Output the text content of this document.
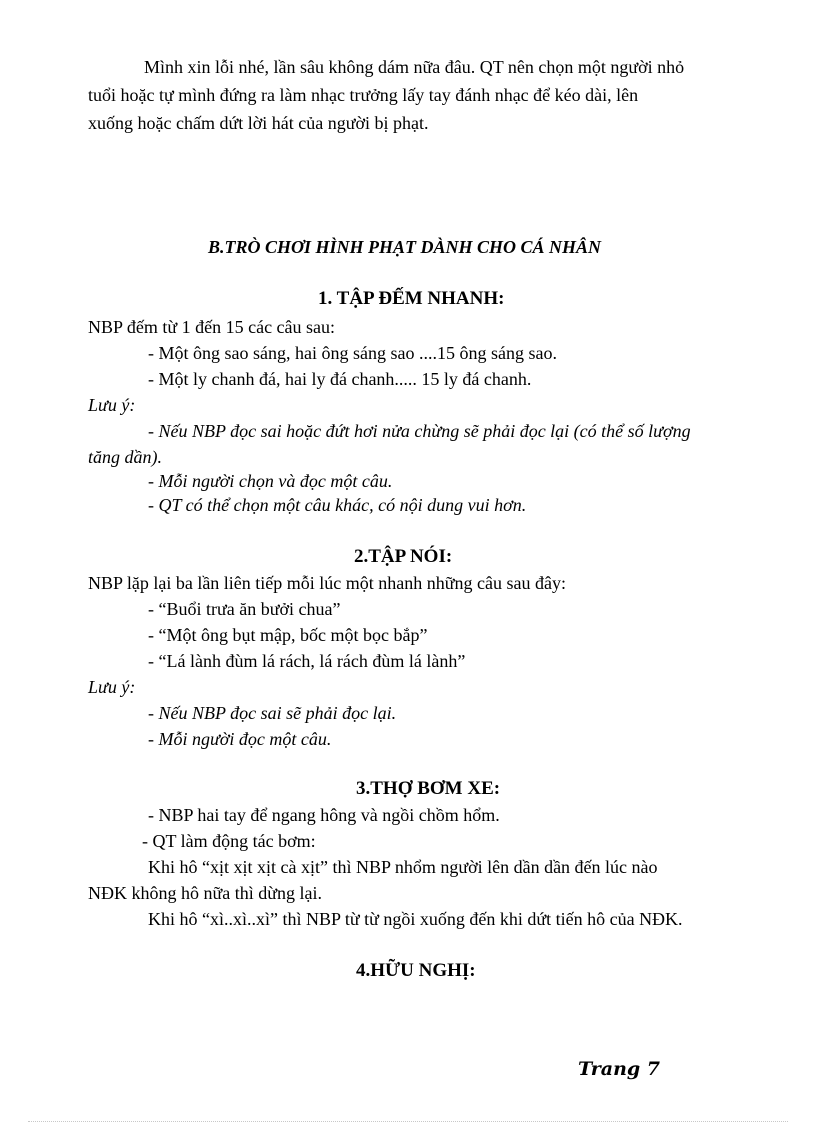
Mình xin lỗi nhé, lần sâu không dám nữa đâu. QT nên chọn một người nhỏ
tuổi hoặc tự mình đứng ra làm nhạc trưởng lấy tay đánh nhạc để kéo dài, lên
xuống hoặc chấm dứt lời hát của người bị phạt.
B.TRÒ CHƠI HÌNH PHẠT DÀNH CHO CÁ NHÂN
1. TẬP ĐẾM NHANH:
NBP đếm từ 1 đến 15 các câu sau:
- Một ông sao sáng, hai ông sáng sao ....15 ông sáng sao.
- Một ly chanh đá, hai ly đá chanh..... 15 ly đá chanh.
Lưu ý:
- Nếu NBP đọc sai hoặc đứt hơi nửa chừng sẽ phải đọc lại (có thể số lượng
tăng dần).
- Mỗi người chọn và đọc một câu.
- QT có thể chọn một câu khác, có nội dung vui hơn.
2.TẬP NÓI:
NBP lặp lại ba lần liên tiếp mỗi lúc một nhanh những câu sau đây:
- “Buổi trưa ăn bưởi chua”
- “Một ông bụt mập, bốc một bọc bắp”
- “Lá lành đùm lá rách, lá rách đùm lá lành”
Lưu ý:
- Nếu NBP đọc sai sẽ phải đọc lại.
- Mỗi người đọc một câu.
3.THỢ BƠM XE:
- NBP hai tay để ngang hông và ngồi chồm hổm.
- QT làm động tác bơm:
Khi hô “xịt xịt xịt cà xịt” thì NBP nhổm người lên dần dần đến lúc nào
NĐK không hô nữa thì dừng lại.
Khi hô “xì..xì..xì” thì NBP từ từ ngồi xuống đến khi dứt tiến hô của NĐK.
4.HỮU NGHỊ:
Trang 7
